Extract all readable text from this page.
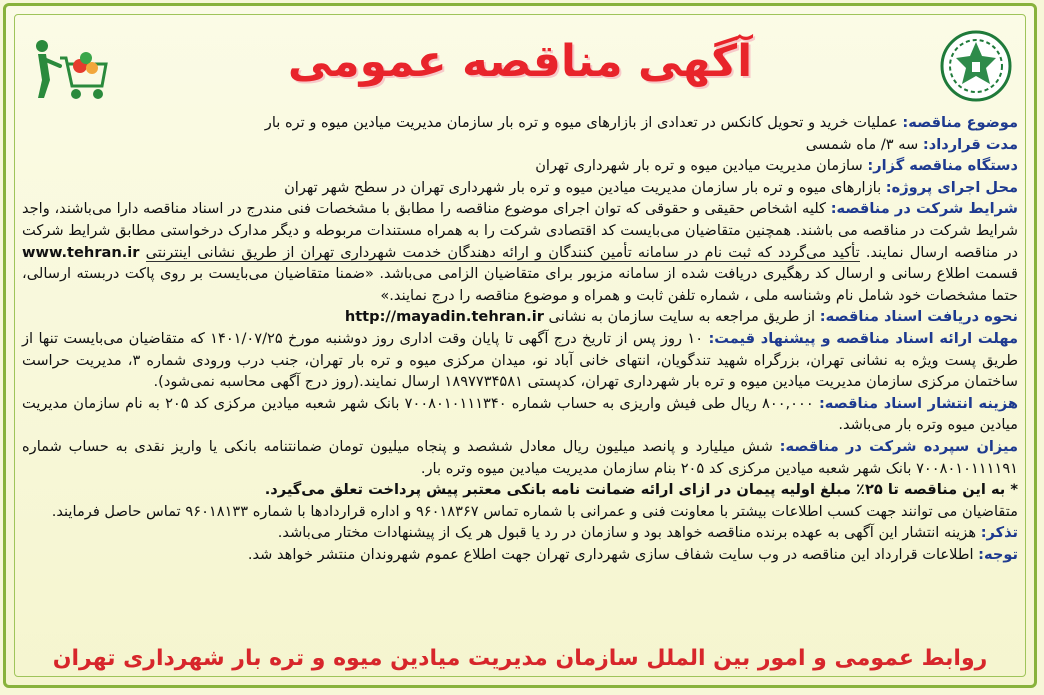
آگهی مناقصه عمومی
موضوع مناقصه: عملیات خرید و تحویل کانکس در تعدادی از بازارهای میوه و تره بار سازمان مدیریت میادین میوه و تره بار
مدت قرارداد: سه ۳/ ماه شمسی
دستگاه مناقصه گزار: سازمان مدیریت میادین میوه و تره بار شهرداری تهران
محل اجرای پروژه: بازارهای میوه و تره بار سازمان مدیریت میادین میوه و تره بار شهرداری تهران در سطح شهر تهران
شرایط شرکت در مناقصه: کلیه اشخاص حقیقی و حقوقی که توان اجرای موضوع مناقصه را مطابق با مشخصات فنی مندرج در اسناد مناقصه دارا می‌باشند، واجد شرایط شرکت در مناقصه می باشند. همچنین متقاضیان می‌بایست کد اقتصادی شرکت را به همراه مستندات مربوطه و دیگر مدارک درخواستی مطابق شرایط شرکت در مناقصه ارسال نمایند. تأکید می‌گردد که ثبت نام در سامانه تأمین کنندگان و ارائه دهندگان خدمت شهرداری تهران از طریق نشانی اینترنتی www.tehran.ir قسمت اطلاع رسانی و ارسال کد رهگیری دریافت شده از سامانه مزبور برای متقاضیان الزامی می‌باشد. «ضمنا متقاضیان می‌بایست بر روی پاکت دربسته ارسالی، حتما مشخصات خود شامل نام وشناسه ملی ، شماره تلفن ثابت و همراه و موضوع مناقصه را درج نمایند.»
نحوه دریافت اسناد مناقصه: از طریق مراجعه به سایت سازمان به نشانی http://mayadin.tehran.ir
مهلت ارائه اسناد مناقصه و پیشنهاد قیمت: ۱۰ روز پس از تاریخ درج آگهی تا پایان وقت اداری روز دوشنبه مورخ ۱۴۰۱/۰۷/۲۵ که متقاضیان می‌بایست تنها از طریق پست ویژه به نشانی تهران، بزرگراه شهید تندگویان، انتهای خانی آباد نو، میدان مرکزی میوه و تره بار تهران، جنب درب ورودی شماره ۳، مدیریت حراست ساختمان مرکزی سازمان مدیریت میادین میوه و تره بار شهرداری تهران، کدپستی ۱۸۹۷۷۳۴۵۸۱ ارسال نمایند.(روز درج آگهی محاسبه نمی‌شود).
هزینه انتشار اسناد مناقصه: ۸۰۰,۰۰۰ ریال طی فیش واریزی به حساب شماره ۷۰۰۸۰۱۰۱۱۱۳۴۰ بانک شهر شعبه میادین مرکزی کد ۲۰۵ به نام سازمان مدیریت میادین میوه وتره بار می‌باشد.
میزان سپرده شرکت در مناقصه: شش میلیارد و پانصد میلیون ریال معادل ششصد و پنجاه میلیون تومان ضمانتنامه بانکی یا واریز نقدی به حساب شماره ۷۰۰۸۰۱۰۱۱۱۱۹۱ بانک شهر شعبه میادین مرکزی کد ۲۰۵ بنام سازمان مدیریت میادین میوه وتره بار.
* به این مناقصه تا ۲۵٪ مبلغ اولیه پیمان در ازای ارائه ضمانت نامه بانکی معتبر پیش پرداخت تعلق می‌گیرد.
متقاضیان می توانند جهت کسب اطلاعات بیشتر با معاونت فنی و عمرانی با شماره تماس ۹۶۰۱۸۳۶۷ و اداره قراردادها با شماره ۹۶۰۱۸۱۳۳ تماس حاصل فرمایند.
تذکر: هزینه انتشار این آگهی به عهده برنده مناقصه خواهد بود و سازمان در رد یا قبول هر یک از پیشنهادات مختار می‌باشد.
توجه: اطلاعات قرارداد این مناقصه در وب سایت شفاف سازی شهرداری تهران جهت اطلاع عموم شهروندان منتشر خواهد شد.
روابط عمومی و امور بین الملل سازمان مدیریت میادین میوه و تره بار شهرداری تهران
